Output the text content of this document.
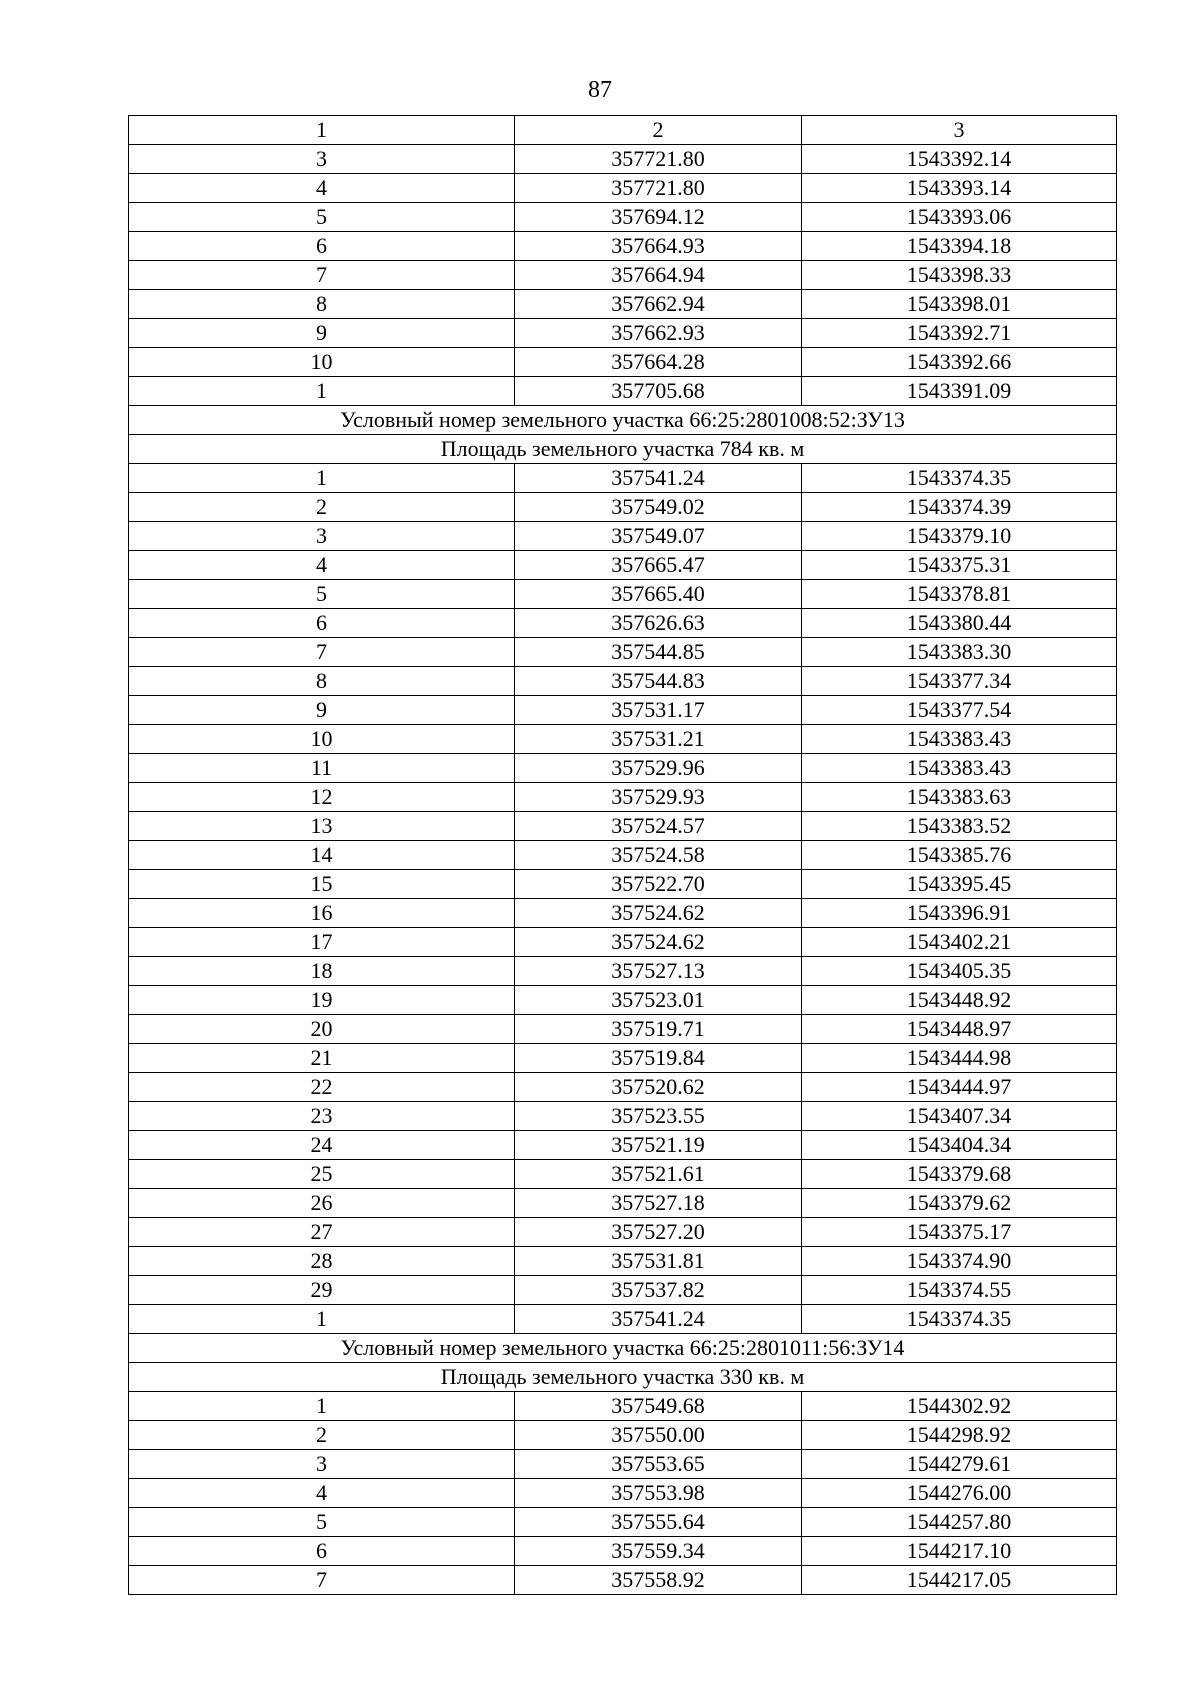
87
1	2	3
3	357721.80	1543392.14
4	357721.80	1543393.14
5	357694.12	1543393.06
6	357664.93	1543394.18
7	357664.94	1543398.33
8	357662.94	1543398.01
9	357662.93	1543392.71
10	357664.28	1543392.66
1	357705.68	1543391.09
Условный номер земельного участка 66:25:2801008:52:ЗУ13		
Площадь земельного участка 784 кв. м		
1	357541.24	1543374.35
2	357549.02	1543374.39
3	357549.07	1543379.10
4	357665.47	1543375.31
5	357665.40	1543378.81
6	357626.63	1543380.44
7	357544.85	1543383.30
8	357544.83	1543377.34
9	357531.17	1543377.54
10	357531.21	1543383.43
11	357529.96	1543383.43
12	357529.93	1543383.63
13	357524.57	1543383.52
14	357524.58	1543385.76
15	357522.70	1543395.45
16	357524.62	1543396.91
17	357524.62	1543402.21
18	357527.13	1543405.35
19	357523.01	1543448.92
20	357519.71	1543448.97
21	357519.84	1543444.98
22	357520.62	1543444.97
23	357523.55	1543407.34
24	357521.19	1543404.34
25	357521.61	1543379.68
26	357527.18	1543379.62
27	357527.20	1543375.17
28	357531.81	1543374.90
29	357537.82	1543374.55
1	357541.24	1543374.35
Условный номер земельного участка 66:25:2801011:56:ЗУ14		
Площадь земельного участка 330 кв. м		
1	357549.68	1544302.92
2	357550.00	1544298.92
3	357553.65	1544279.61
4	357553.98	1544276.00
5	357555.64	1544257.80
6	357559.34	1544217.10
7	357558.92	1544217.05
